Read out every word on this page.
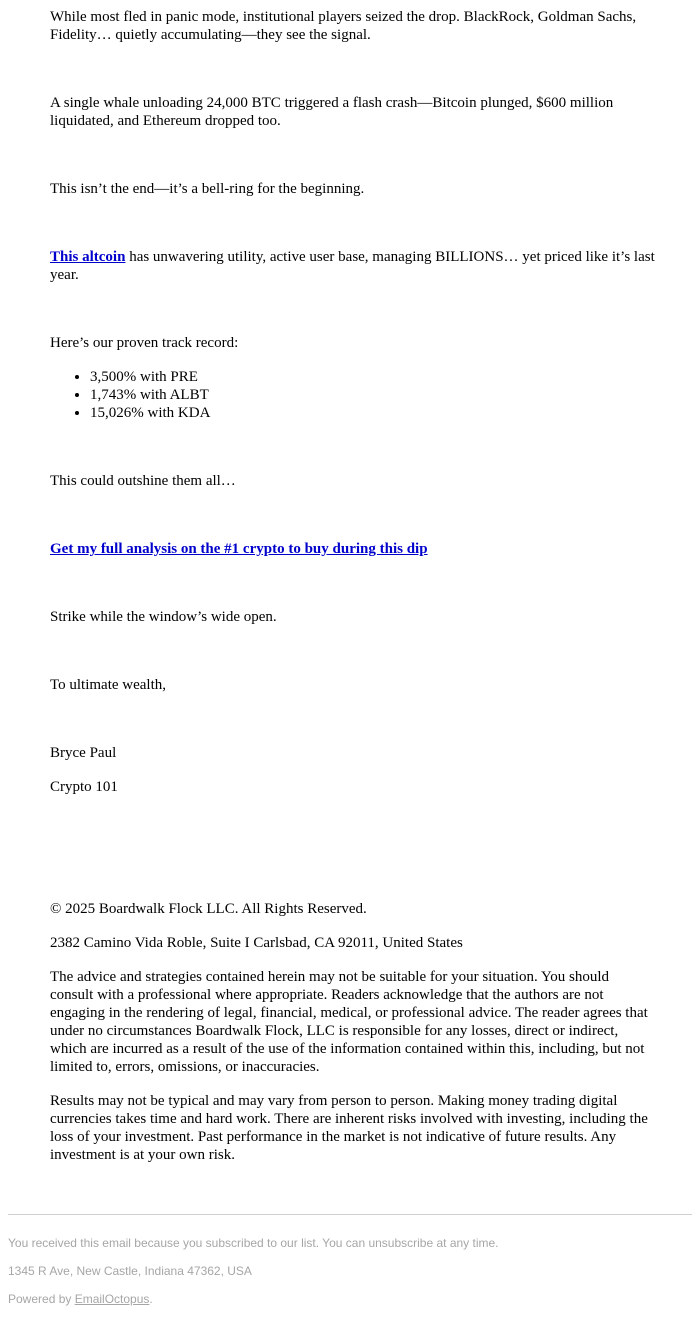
While most fled in panic mode, institutional players seized the drop. BlackRock, Goldman Sachs, Fidelity… quietly accumulating—they see the signal.

A single whale unloading 24,000 BTC triggered a flash crash—Bitcoin plunged, $600 million liquidated, and Ethereum dropped too.

This isn’t the end—it’s a bell-ring for the beginning.

This altcoin has unwavering utility, active user base, managing BILLIONS… yet priced like it’s last year.

Here’s our proven track record:

• 3,500% with PRE
• 1,743% with ALBT
• 15,026% with KDA

This could outshine them all…

Get my full analysis on the #1 crypto to buy during this dip

Strike while the window’s wide open.

To ultimate wealth,

Bryce Paul

Crypto 101

© 2025 Boardwalk Flock LLC. All Rights Reserved.

2382 Camino Vida Roble, Suite I Carlsbad, CA 92011, United States

The advice and strategies contained herein may not be suitable for your situation. You should consult with a professional where appropriate. Readers acknowledge that the authors are not engaging in the rendering of legal, financial, medical, or professional advice. The reader agrees that under no circumstances Boardwalk Flock, LLC is responsible for any losses, direct or indirect, which are incurred as a result of the use of the information contained within this, including, but not limited to, errors, omissions, or inaccuracies.

Results may not be typical and may vary from person to person. Making money trading digital currencies takes time and hard work. There are inherent risks involved with investing, including the loss of your investment. Past performance in the market is not indicative of future results. Any investment is at your own risk.

You received this email because you subscribed to our list. You can unsubscribe at any time.
1345 R Ave, New Castle, Indiana 47362, USA
Powered by EmailOctopus.
